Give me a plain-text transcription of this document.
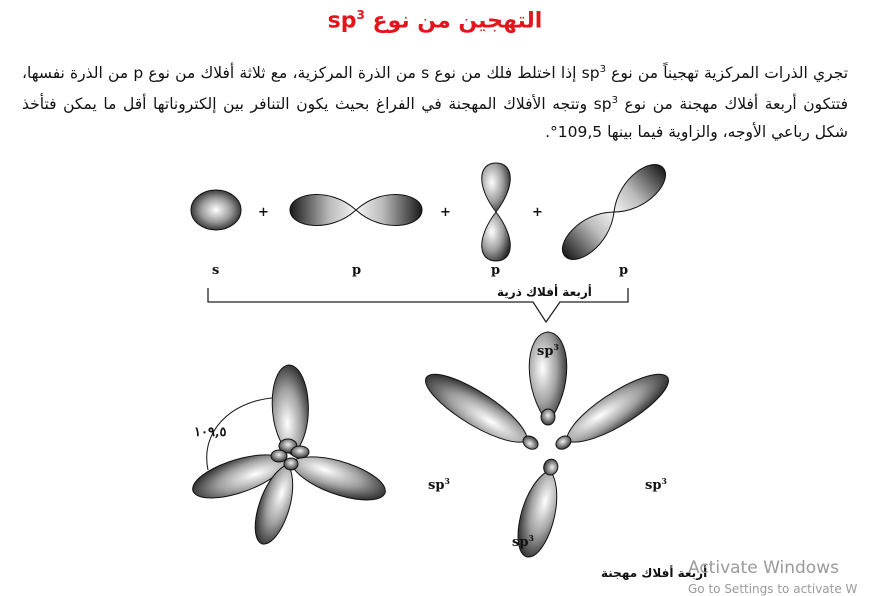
التهجين من نوع $sp^3$
تجري الذرات المركزية تهجيناً من نوع $sp^3$ إذا اختلط فلك من نوع s من الذرة المركزية، مع ثلاثة أفلاك من نوع p من الذرة نفسها، فتتكون أربعة أفلاك مهجنة من نوع $sp^3$ وتتجه الأفلاك المهجنة في الفراغ بحيث يكون التنافر بين إلكتروناتها أقل ما يمكن فتأخذ شكل رباعي الأوجه، والزاوية فيما بينها 109,5°.
+	+	+
s	p	p	p
أربعة أفلاك ذرية
$sp^3$
$sp^3$	$sp^3$
$sp^3$
أربعة أفلاك مهجنة
١٠٩,٥
Activate Windows
Go to Settings to activate W
